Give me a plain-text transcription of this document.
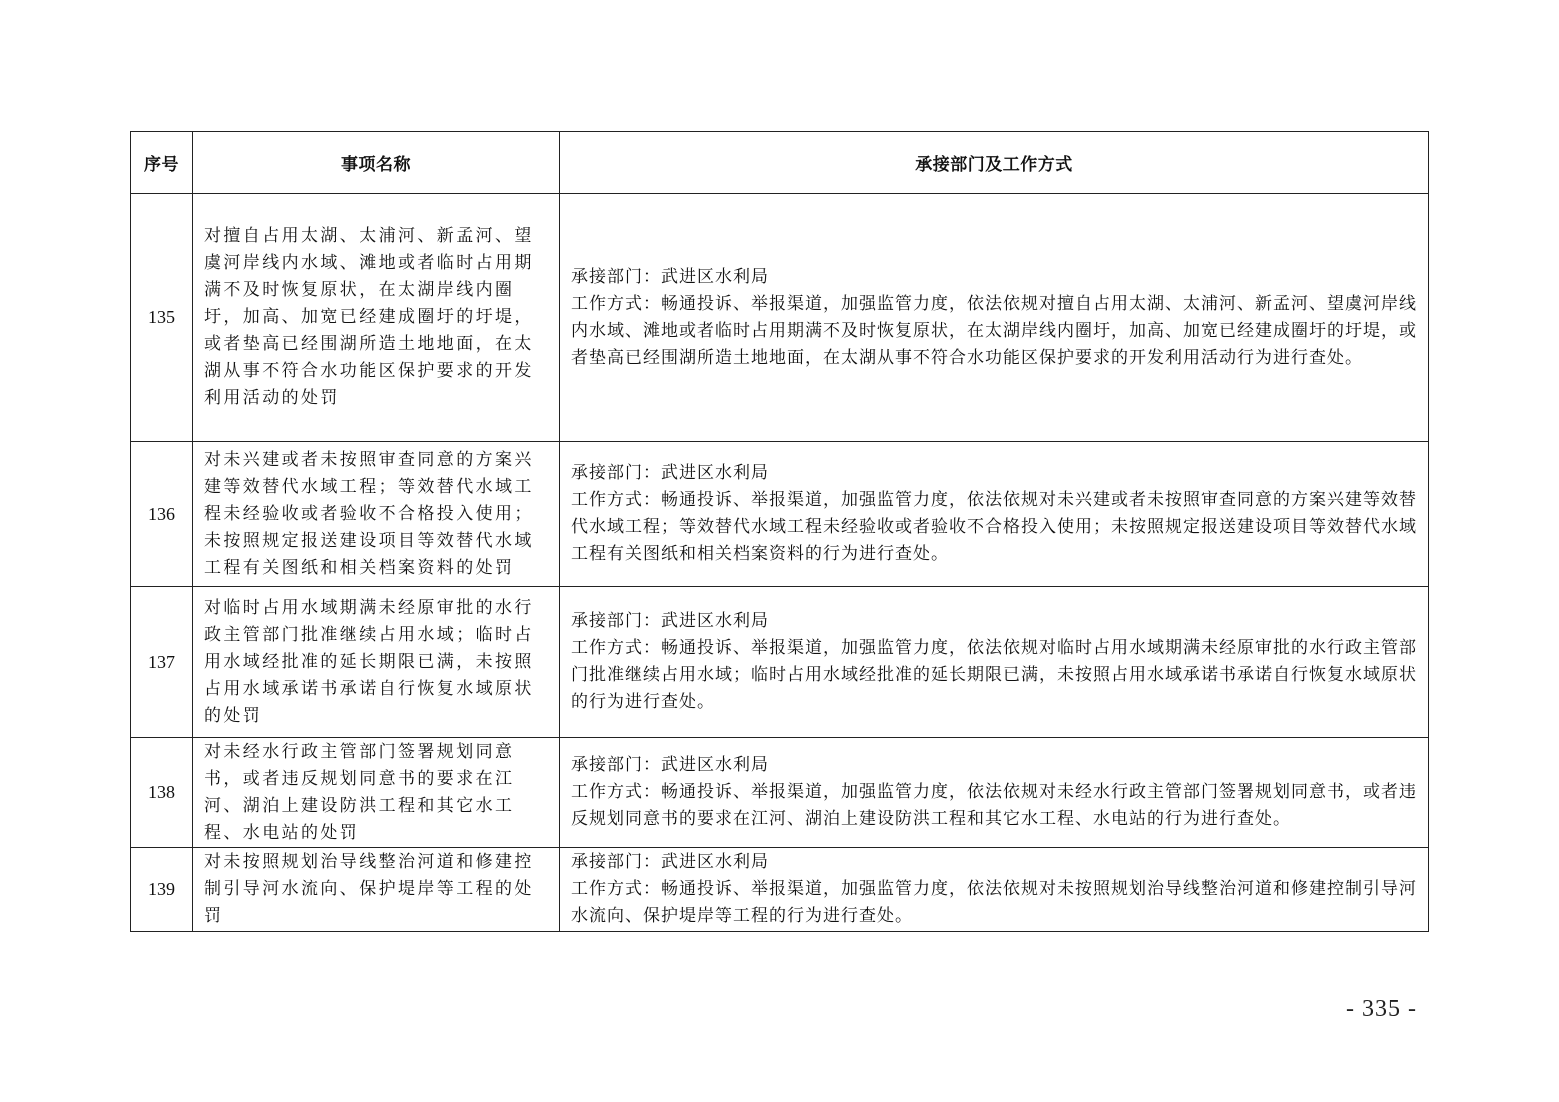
序号	事项名称	承接部门及工作方式
135	对擅自占用太湖、太浦河、新孟河、望虞河岸线内水域、滩地或者临时占用期满不及时恢复原状，在太湖岸线内圈圩，加高、加宽已经建成圈圩的圩堤，或者垫高已经围湖所造土地地面，在太湖从事不符合水功能区保护要求的开发利用活动的处罚	承接部门：武进区水利局
工作方式：畅通投诉、举报渠道，加强监管力度，依法依规对擅自占用太湖、太浦河、新孟河、望虞河岸线内水域、滩地或者临时占用期满不及时恢复原状，在太湖岸线内圈圩，加高、加宽已经建成圈圩的圩堤，或者垫高已经围湖所造土地地面，在太湖从事不符合水功能区保护要求的开发利用活动行为进行查处。

136	对未兴建或者未按照审查同意的方案兴建等效替代水域工程；等效替代水域工程未经验收或者验收不合格投入使用；未按照规定报送建设项目等效替代水域工程有关图纸和相关档案资料的处罚	承接部门：武进区水利局
工作方式：畅通投诉、举报渠道，加强监管力度，依法依规对未兴建或者未按照审查同意的方案兴建等效替代水域工程；等效替代水域工程未经验收或者验收不合格投入使用；未按照规定报送建设项目等效替代水域工程有关图纸和相关档案资料的行为进行查处。

137	对临时占用水域期满未经原审批的水行政主管部门批准继续占用水域；临时占用水域经批准的延长期限已满，未按照占用水域承诺书承诺自行恢复水域原状的处罚	承接部门：武进区水利局
工作方式：畅通投诉、举报渠道，加强监管力度，依法依规对临时占用水域期满未经原审批的水行政主管部门批准继续占用水域；临时占用水域经批准的延长期限已满，未按照占用水域承诺书承诺自行恢复水域原状的行为进行查处。

138	对未经水行政主管部门签署规划同意书，或者违反规划同意书的要求在江河、湖泊上建设防洪工程和其它水工程、水电站的处罚	承接部门：武进区水利局
工作方式：畅通投诉、举报渠道，加强监管力度，依法依规对未经水行政主管部门签署规划同意书，或者违反规划同意书的要求在江河、湖泊上建设防洪工程和其它水工程、水电站的行为进行查处。

139	对未按照规划治导线整治河道和修建控制引导河水流向、保护堤岸等工程的处罚	承接部门：武进区水利局
工作方式：畅通投诉、举报渠道，加强监管力度，依法依规对未按照规划治导线整治河道和修建控制引导河水流向、保护堤岸等工程的行为进行查处。
- 335 -
